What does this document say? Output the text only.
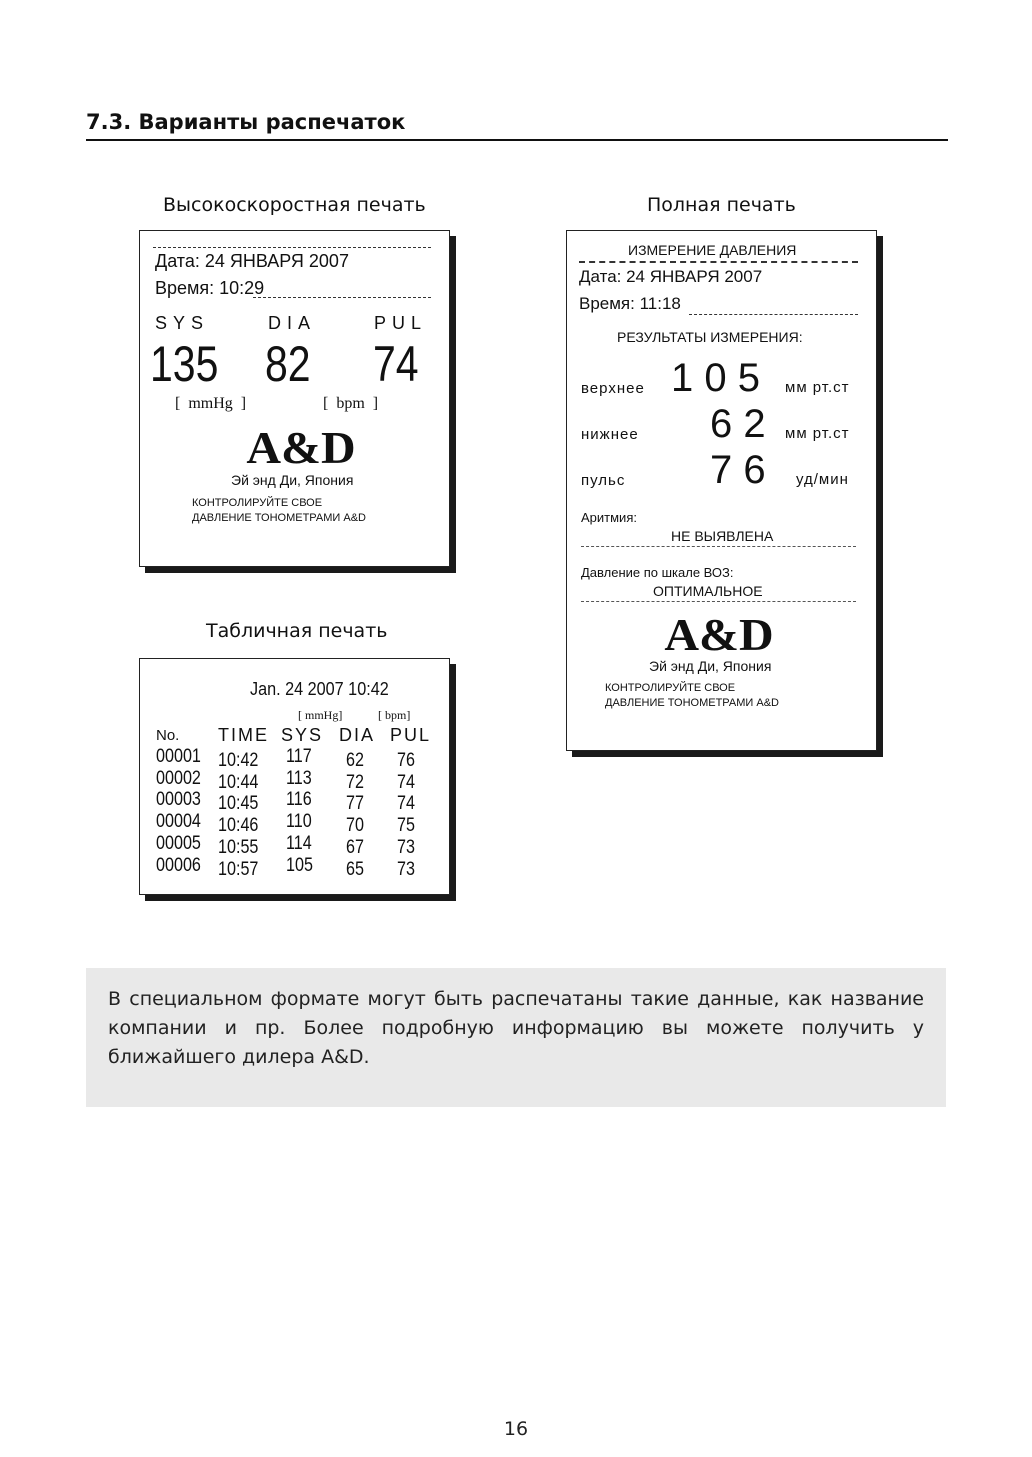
7.3. Варианты распечаток
Высокоскоростная печать
Дата: 24 ЯНВАРЯ 2007
Время: 10:29
SYS	DIA	PUL
135 82 74
[ mmHg ]	[ bpm ]
A&D
Эй энд Ди, Япония
КОНТРОЛИРУЙТЕ СВОЕ
ДАВЛЕНИЕ ТОНОМЕТРАМИ A&D
Табличная печать
Jan. 24 2007 10:42
[ mmHg]	[ bpm]
No. TIME SYS DIA PUL
00001 10:42 117 62 76
00002 10:44 113 72 74
00003 10:45 116 77 74
00004 10:46 110 70 75
00005 10:55 114 67 73
00006 10:57 105 65 73
Полная печать
ИЗМЕРЕНИЕ ДАВЛЕНИЯ
Дата: 24 ЯНВАРЯ 2007
Время: 11:18
РЕЗУЛЬТАТЫ ИЗМЕРЕНИЯ:
верхнее 1 0 5 мм рт.ст
нижнее 6 2 мм рт.ст
пульс 7 6 уд/мин
Аритмия:
НЕ ВЫЯВЛЕНА
Давление по шкале ВОЗ:
ОПТИМАЛЬНОЕ
A&D
Эй энд Ди, Япония
КОНТРОЛИРУЙТЕ СВОЕ
ДАВЛЕНИЕ ТОНОМЕТРАМИ A&D
В специальном формате могут быть распечатаны такие данные, как название компании и пр. Более подробную информацию вы можете получить у ближайшего дилера A&D.
16
